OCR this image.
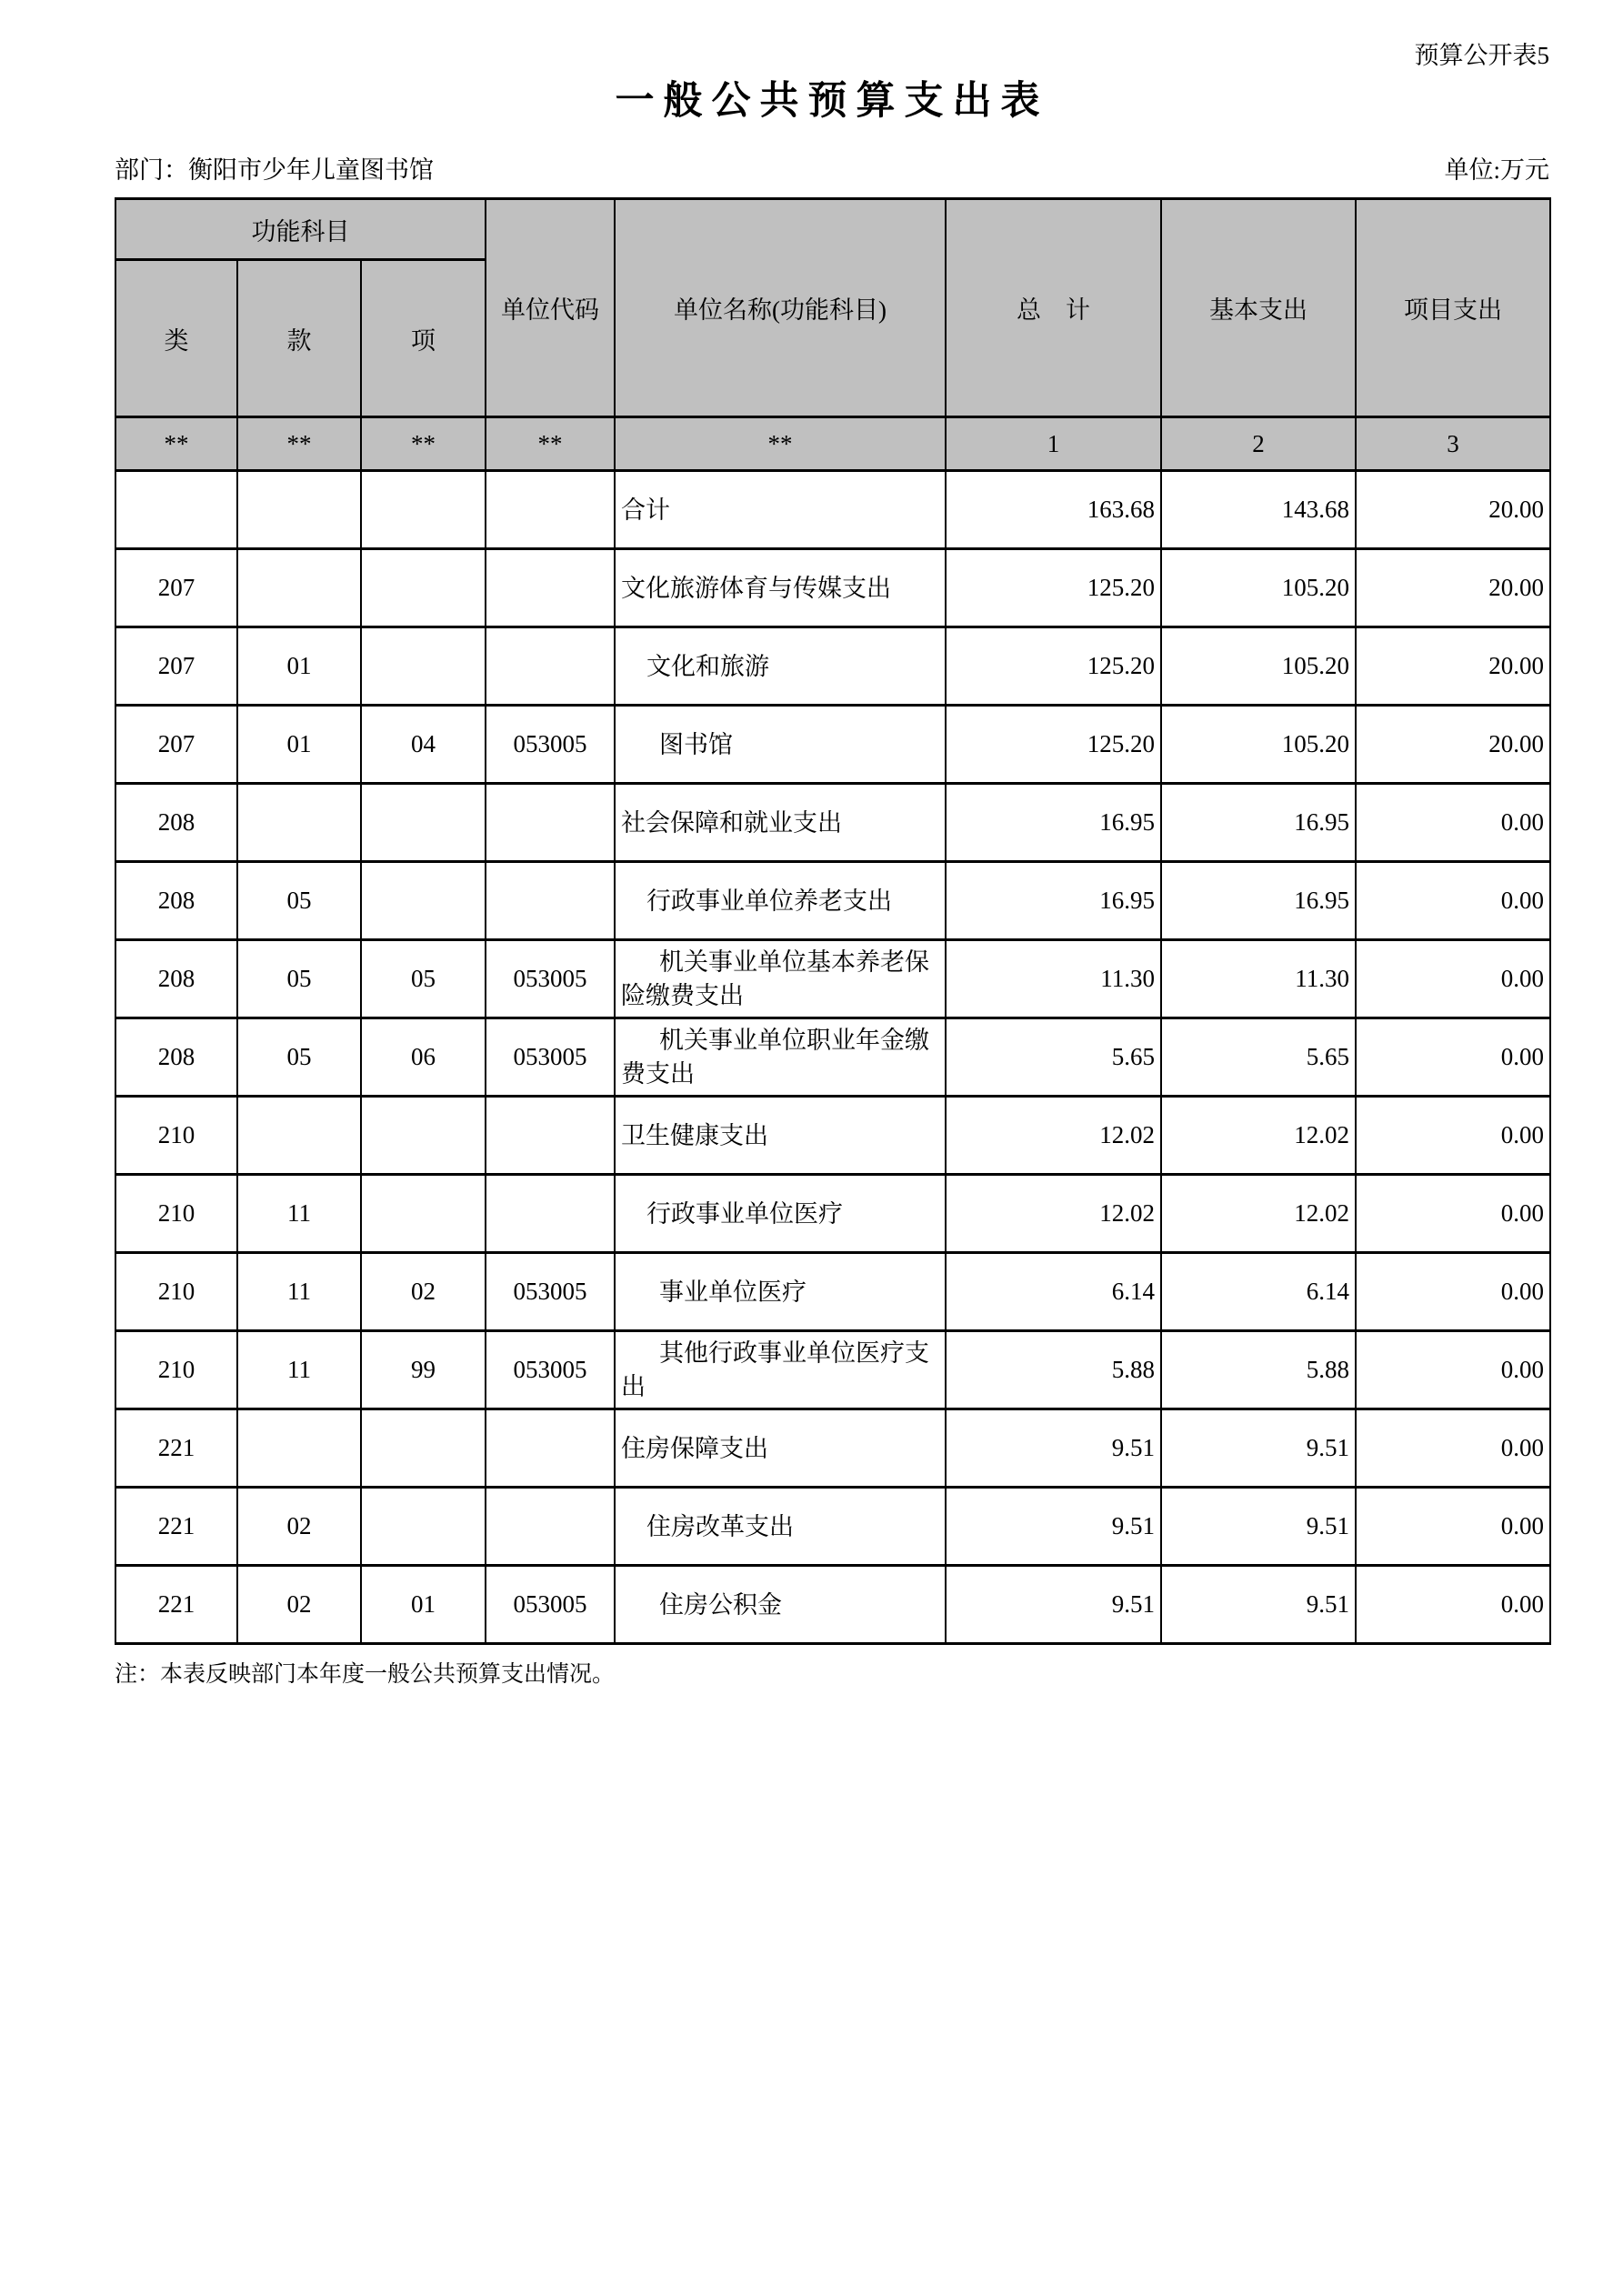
预算公开表5
一般公共预算支出表
部门：衡阳市少年儿童图书馆	单位:万元
功能科目			单位代码	单位名称(功能科目)	总　计	基本支出	项目支出
类	款	项					
**	**	**	**	**	1	2	3
				合计	163.68	143.68	20.00
207				文化旅游体育与传媒支出	125.20	105.20	20.00
207	01			文化和旅游	125.20	105.20	20.00
207	01	04	053005	图书馆	125.20	105.20	20.00
208				社会保障和就业支出	16.95	16.95	0.00
208	05			行政事业单位养老支出	16.95	16.95	0.00
208	05	05	053005	机关事业单位基本养老保险缴费支出	11.30	11.30	0.00
208	05	06	053005	机关事业单位职业年金缴费支出	5.65	5.65	0.00
210				卫生健康支出	12.02	12.02	0.00
210	11			行政事业单位医疗	12.02	12.02	0.00
210	11	02	053005	事业单位医疗	6.14	6.14	0.00
210	11	99	053005	其他行政事业单位医疗支出	5.88	5.88	0.00
221				住房保障支出	9.51	9.51	0.00
221	02			住房改革支出	9.51	9.51	0.00
221	02	01	053005	住房公积金	9.51	9.51	0.00
注：本表反映部门本年度一般公共预算支出情况。
